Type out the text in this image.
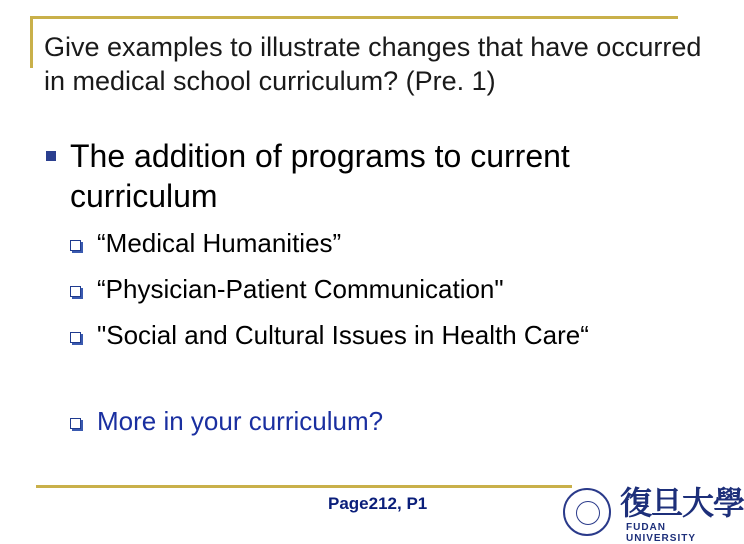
Give examples to illustrate changes that have occurred in medical school curriculum? (Pre. 1)
The addition of programs to current curriculum
“Medical Humanities”
“Physician-Patient Communication"
"Social and Cultural Issues in Health Care“
More in your curriculum?
Page212, P1	復旦大學
FUDAN UNIVERSITY
